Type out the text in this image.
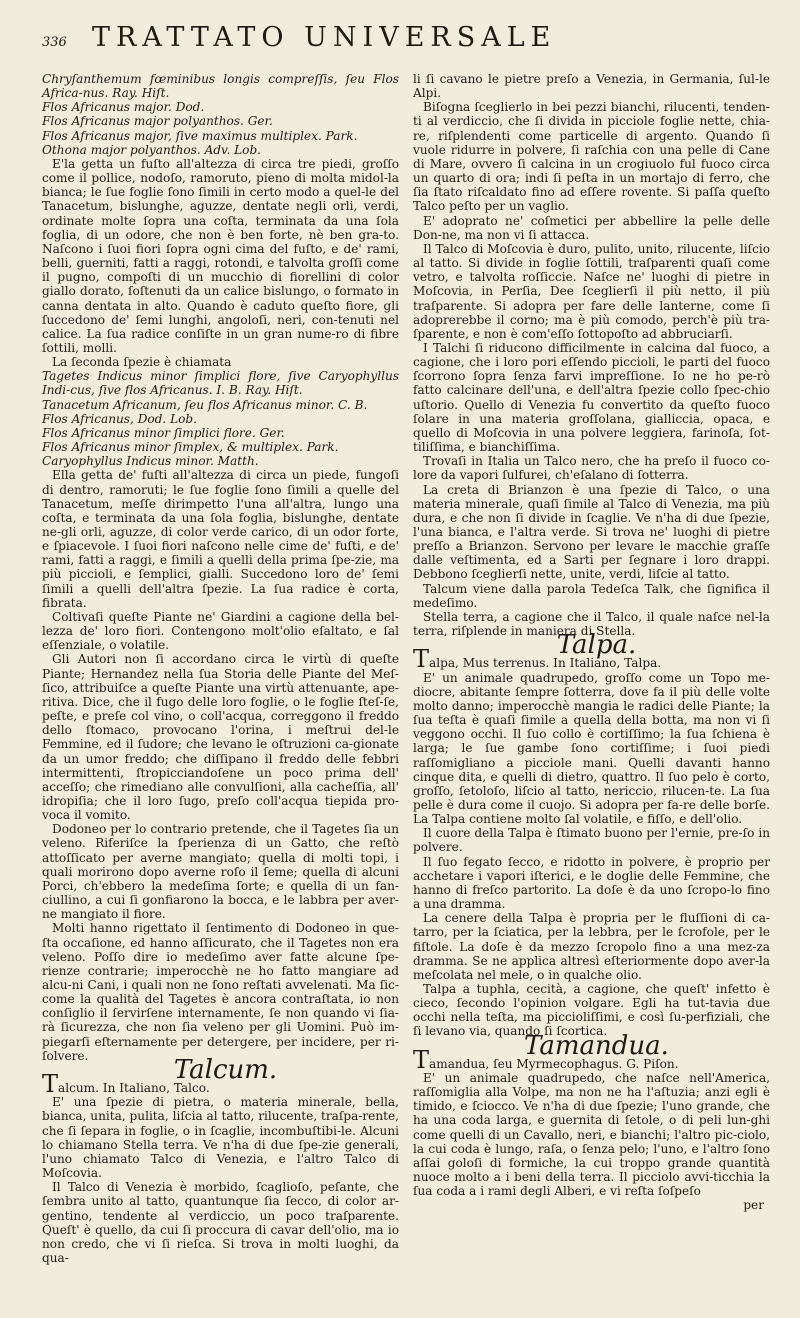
336 TRATTATO UNIVERSALE

Chryſanthemum fœminibus longis compreſſis, ſeu Flos Africa-nus. Ray. Hiſt.

Flos Africanus major. Dod.

Flos Africanus major polyanthos. Ger.

Flos Africanus major, ſive maximus multiplex. Park.

Othona major polyanthos. Adv. Lob.

E'la getta un fuſto all'altezza di circa tre piedi, groſſo come il pollice, nodoſo, ramoruto, pieno di molta midol-la bianca; le ſue foglie ſono ſimili in certo modo a quel-le del Tanacetum, bislunghe, aguzze, dentate negli orli, verdi, ordinate molte ſopra una coſta, terminata da una ſola foglia, di un odore, che non è ben forte, nè ben gra-to. Naſcono i ſuoi fiori ſopra ogni cima del fuſto, e de' rami, belli, guerniti, fatti a raggi, rotondi, e talvolta groſſi come il pugno, compoſti di un mucchio di fiorellini di color giallo dorato, ſoſtenuti da un calice bislungo, o formato in canna dentata in alto. Quando è caduto queſto fiore, gli ſuccedono de' ſemi lunghi, angoloſi, neri, con-tenuti nel calice. La ſua radice conſiſte in un gran nume-ro di fibre ſottili, molli.

La ſeconda ſpezie è chiamata

Tagetes Indicus minor ſimplici flore, ſive Caryophyllus Indi-cus, ſive flos Africanus. I. B. Ray. Hiſt.

Tanacetum Africanum, ſeu flos Africanus minor. C. B.

Flos Africanus, Dod. Lob.

Flos Africanus minor ſimplici flore. Ger.

Flos Africanus minor ſimplex, & multiplex. Park.

Caryophyllus Indicus minor. Matth.

Ella getta de' fuſti all'altezza di circa un piede, fungoſi di dentro, ramoruti; le ſue foglie ſono ſimili a quelle del Tanacetum, meſſe dirimpetto l'una all'altra, lungo una coſta, e terminata da una ſola foglia, bislunghe, dentate ne-gli orli, aguzze, di color verde carico, di un odor forte, e ſpiacevole. I ſuoi fiori naſcono nelle cime de' fuſti, e de' rami, fatti a raggi, e ſimili a quelli della prima ſpe-zie, ma più piccioli, e ſemplici, gialli. Succedono loro de' ſemi ſimili a quelli dell'altra ſpezie. La ſua radice è corta, fibrata.

Coltivaſi queſte Piante ne' Giardini a cagione della bel-lezza de' loro fiori. Contengono molt'olio eſaltato, e ſal eſſenziale, o volatile.

Gli Autori non ſi accordano circa le virtù di queſte Piante; Hernandez nella ſua Storia delle Piante del Meſ-ſico, attribuiſce a queſte Piante una virtù attenuante, ape-ritiva. Dice, che il fugo delle loro foglie, o le foglie ſteſ-ſe, peſte, e preſe col vino, o coll'acqua, correggono il freddo dello ſtomaco, provocano l'orina, i meſtrui del-le Femmine, ed il ſudore; che levano le oſtruzioni ca-gionate da un umor freddo; che diſſipano il freddo delle febbri intermittenti, ſtropicciandoſene un poco prima dell' acceſſo; che rimediano alle convulſioni, alla cacheſſia, all' idropiſia; che il loro ſugo, preſo coll'acqua tiepida pro-voca il vomito.

Dodoneo per lo contrario pretende, che il Tagetes ſia un veleno. Riferiſce la ſperienza di un Gatto, che reſtò attoſſicato per averne mangiato; quella di molti topi, i quali morirono dopo averne roſo il ſeme; quella di alcuni Porci, ch'ebbero la medeſima ſorte; e quella di un fan-ciullino, a cui ſi gonfiarono la bocca, e le labbra per aver-ne mangiato il fiore.

Molti hanno rigettato il ſentimento di Dodoneo in que-ſta occaſione, ed hanno aſſicurato, che il Tagetes non era veleno. Poſſo dire io medeſimo aver fatte alcune ſpe-rienze contrarie; imperocchè ne ho fatto mangiare ad alcu-ni Cani, i quali non ne ſono reſtati avvelenati. Ma ſic-come la qualità del Tagetes è ancora contraſtata, io non conſiglio il ſervirſene internamente, ſe non quando vi ſia-rà ſicurezza, che non ſia veleno per gli Uomini. Può im-piegarſi eſternamente per detergere, per incidere, per ri-ſolvere.	Talcum.

Talcum. In Italiano, Talco.

E' una ſpezie di pietra, o materia minerale, bella, bianca, unita, pulita, liſcia al tatto, rilucente, traſpa-rente, che ſi ſepara in foglie, o in ſcaglie, incombuſtibi-le. Alcuni lo chiamano Stella terra. Ve n'ha di due ſpe-zie generali, l'uno chiamato Talco di Venezia, e l'altro Talco di Moſcovia.

Il Talco di Venezia è morbido, ſcaglioſo, peſante, che ſembra unito al tatto, quantunque ſia ſecco, di color ar-gentino, tendente al verdiccio, un poco traſparente. Queſt' è quello, da cui ſi proccura di cavar dell'olio, ma io non credo, che vi ſi rieſca. Si trova in molti luoghi, da qua-

li ſi cavano le pietre preſo a Venezia, in Germania, ſul-le Alpi.

Biſogna ſceglierlo in bei pezzi bianchi, rilucenti, tenden-ti al verdiccio, che ſi divida in picciole foglie nette, chia-re, riſplendenti come particelle di argento. Quando ſi vuole ridurre in polvere, ſi raſchia con una pelle di Cane di Mare, ovvero ſi calcina in un crogiuolo ful fuoco circa un quarto di ora; indi ſi peſta in un mortajo di ferro, che ſia ſtato riſcaldato fino ad eſſere rovente. Si paſſa queſto Talco peſto per un vaglio.

E' adoprato ne' coſmetici per abbellire la pelle delle Don-ne, ma non vi ſi attacca.

Il Talco di Moſcovia è duro, pulito, unito, rilucente, liſcio al tatto. Si divide in foglie ſottili, traſparenti quaſi come vetro, e talvolta roſſiccie. Naſce ne' luoghi di pietre in Moſcovia, in Perſia, Dee ſceglierſi il più netto, il più traſparente. Si adopra per fare delle lanterne, come ſi adoprerebbe il corno; ma è più comodo, perch'è più tra-ſparente, e non è com'eſſo ſottopoſto ad abbruciarſi.

I Talchi ſi riducono difficilmente in calcina dal fuoco, a cagione, che i loro pori eſſendo piccioli, le parti del fuoco ſcorrono ſopra ſenza farvi impreſſione. Io ne ho pe-rò fatto calcinare dell'una, e dell'altra ſpezie collo ſpec-chio uſtorio. Quello di Venezia fu convertito da queſto fuoco ſolare in una materia groſſolana, gialliccia, opaca, e quello di Moſcovia in una polvere leggiera, farinoſa, ſot-tiliſſima, e bianchiſſima.

Trovaſi in Italia un Talco nero, che ha preſo il fuoco co-lore da vapori ſulfurei, ch'eſalano di ſotterra.

La creta di Brianzon è una ſpezie di Talco, o una materia minerale, quaſi ſimile al Talco di Venezia, ma più dura, e che non ſi divide in ſcaglie. Ve n'ha di due ſpezie, l'una bianca, e l'altra verde. Si trova ne' luoghi di pietre preſſo a Brianzon. Servono per levare le macchie graſſe dalle veſtimenta, ed a Sarti per ſegnare i loro drappi. Debbono ſceglierſi nette, unite, verdi, liſcie al tatto.

Talcum viene dalla parola Tedeſca Talk, che ſignifica il medeſimo.

Stella terra, a cagione che il Talco, il quale naſce nel-la terra, riſplende in maniera di Stella.

Talpa.

Talpa, Mus terrenus. In Italiano, Talpa.

E' un animale quadrupedo, groſſo come un Topo me-diocre, abitante ſempre ſotterra, dove fa il più delle volte molto danno; imperocchè mangia le radici delle Piante; la ſua teſta è quaſi ſimile a quella della botta, ma non vi ſi veggono occhi. Il ſuo collo è cortiſſimo; la ſua ſchiena è larga; le ſue gambe ſono cortiſſime; i ſuoi piedi raſſomigliano a picciole mani. Quelli davanti hanno cinque dita, e quelli di dietro, quattro. Il ſuo pelo è corto, groſſo, ſetoloſo, liſcio al tatto, nericcio, rilucen-te. La ſua pelle è dura come il cuojo. Si adopra per fa-re delle borſe. La Talpa contiene molto ſal volatile, e fiſſo, e dell'olio.

Il cuore della Talpa è ſtimato buono per l'ernie, pre-ſo in polvere.

Il ſuo fegato ſecco, e ridotto in polvere, è proprio per acchetare i vapori iſterici, e le doglie delle Femmine, che hanno di freſco partorito. La doſe è da uno ſcropo-lo fino a una dramma.

La cenere della Talpa è propria per le fluſſioni di ca-tarro, per la ſciatica, per la lebbra, per le ſcrofole, per le fiſtole. La doſe è da mezzo ſcropolo fino a una mez-za dramma. Se ne applica altresì eſteriormente dopo aver-la meſcolata nel mele, o in qualche olio.

Talpa a tuphla, cecità, a cagione, che queſt' infetto è cieco, ſecondo l'opinion volgare. Egli ha tut-tavia due occhi nella teſta, ma piccioliſſimi, e così ſu-perfiziali, che ſi levano via, quando ſi ſcortica.

Tamandua.

Tamandua, ſeu Myrmecophagus. G. Piſon.

E' un animale quadrupedo, che naſce nell'America, raſſomiglia alla Volpe, ma non ne ha l'aſtuzia; anzi egli è timido, e ſciocco. Ve n'ha di due ſpezie; l'uno grande, che ha una coda larga, e guernita di ſetole, o di peli lun-ghi come quelli di un Cavallo, neri, e bianchi; l'altro pic-ciolo, la cui coda è lungo, raſa, o ſenza pelo; l'uno, e l'altro ſono aſſai goloſi di formiche, la cui troppo grande quantità nuoce molto a i beni della terra. Il picciolo avvi-ticchia la ſua coda a i rami degli Alberi, e vi reſta ſoſpeſo

per
